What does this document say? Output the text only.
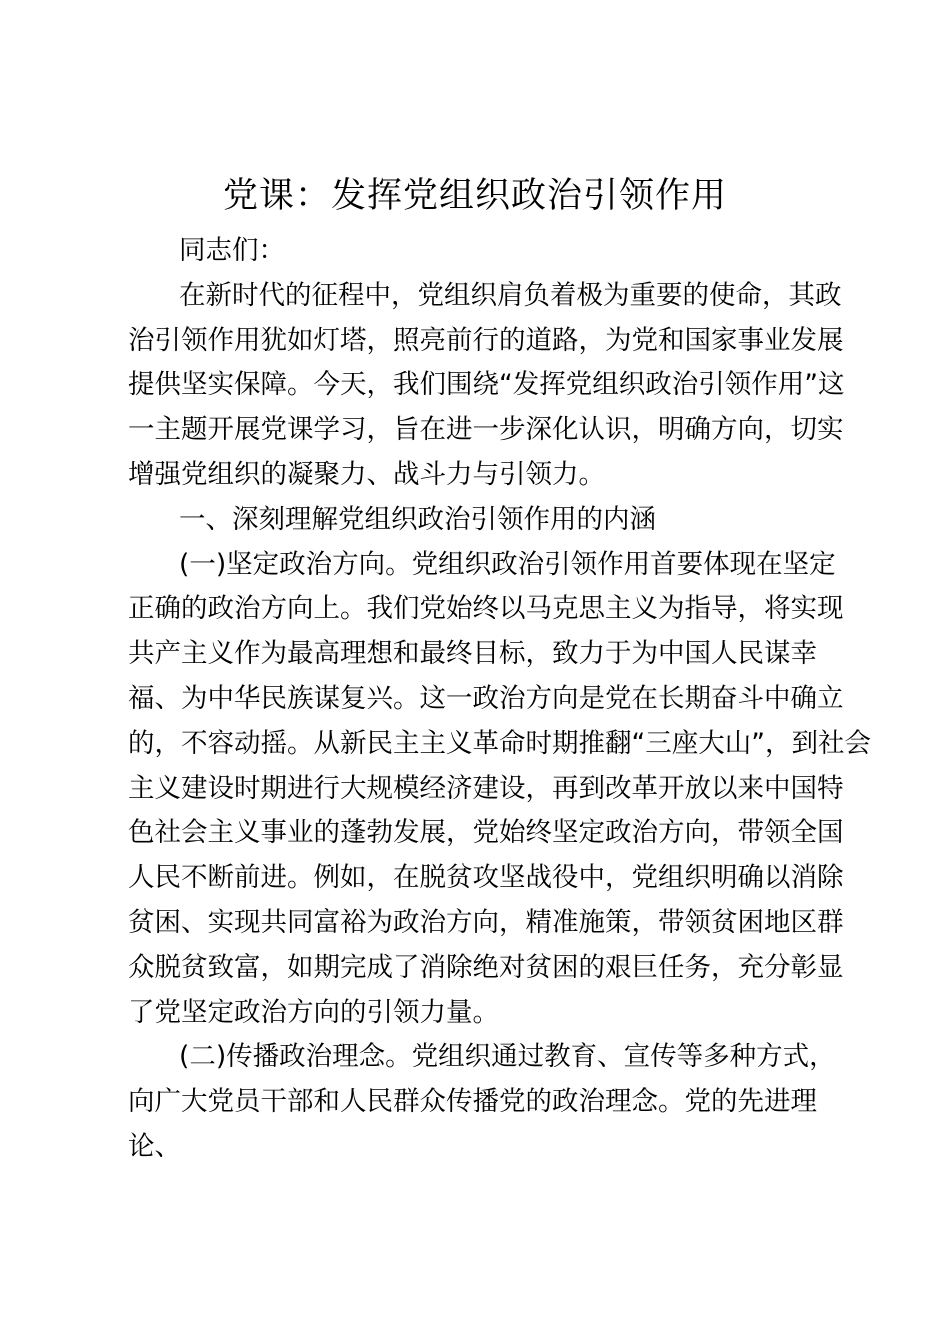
党课：发挥党组织政治引领作用
同志们：
在新时代的征程中，党组织肩负着极为重要的使命，其政
治引领作用犹如灯塔，照亮前行的道路，为党和国家事业发展
提供坚实保障。今天，我们围绕“发挥党组织政治引领作用”这
一主题开展党课学习，旨在进一步深化认识，明确方向，切实
增强党组织的凝聚力、战斗力与引领力。
一、深刻理解党组织政治引领作用的内涵
(一)坚定政治方向。党组织政治引领作用首要体现在坚定
正确的政治方向上。我们党始终以马克思主义为指导，将实现
共产主义作为最高理想和最终目标，致力于为中国人民谋幸
福、为中华民族谋复兴。这一政治方向是党在长期奋斗中确立
的，不容动摇。从新民主主义革命时期推翻“三座大山”，到社会
主义建设时期进行大规模经济建设，再到改革开放以来中国特
色社会主义事业的蓬勃发展，党始终坚定政治方向，带领全国
人民不断前进。例如，在脱贫攻坚战役中，党组织明确以消除
贫困、实现共同富裕为政治方向，精准施策，带领贫困地区群
众脱贫致富，如期完成了消除绝对贫困的艰巨任务，充分彰显
了党坚定政治方向的引领力量。
(二)传播政治理念。党组织通过教育、宣传等多种方式，
向广大党员干部和人民群众传播党的政治理念。党的先进理
论、
